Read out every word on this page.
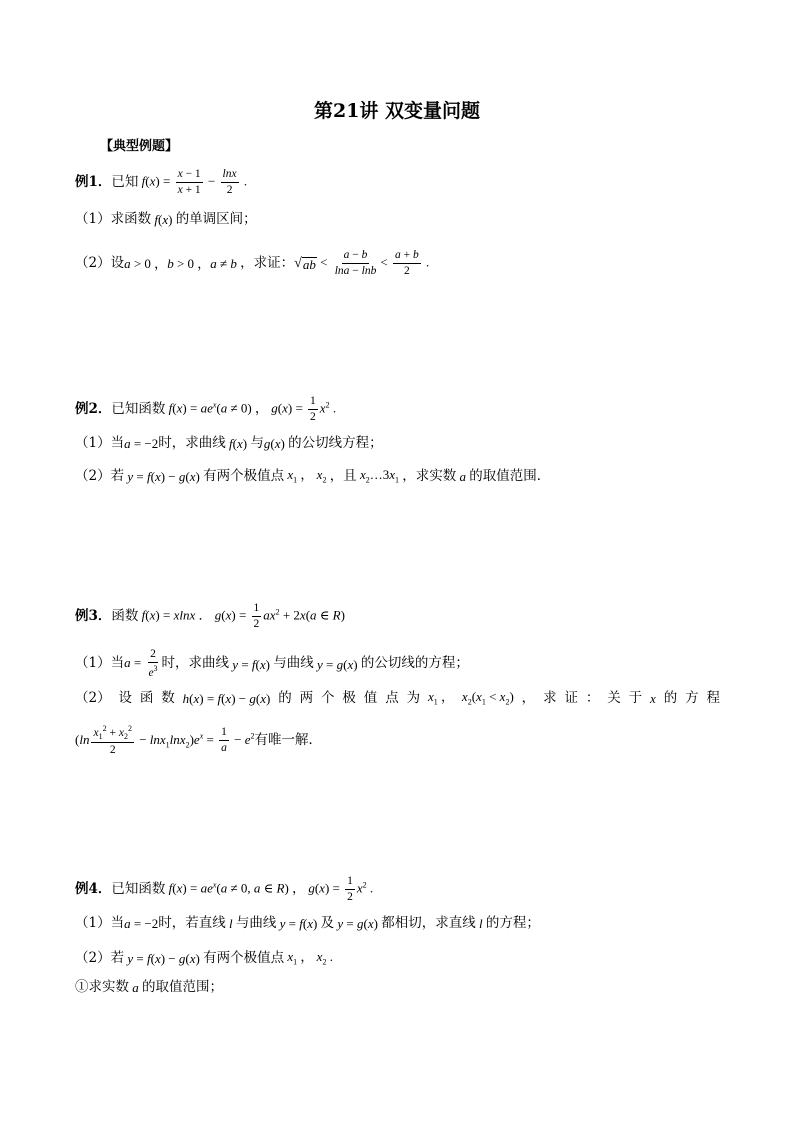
第21讲 双变量问题
【典型例题】
例1． 已知 $f(x) = \frac{x - 1}{x + 1} - \frac{\ln x}{2}$ .
（1）求函数 f(x) 的单调区间；
（2）设 a > 0 ，b > 0 ，a ≠ b ，求证： √ ab < $\frac{a - b}{\ln a - \ln b} < \frac{a + b}{2}$ .
例2． 已知函数 $f(x) = ae^x(a \ne 0)$ ， $g(x) = \frac{1}{2} x^2$ .
（1）当 a = −2 时，求曲线 f(x) 与 g(x) 的公切线方程；
（2）若 y = f(x) − g(x) 有两个极值点 $x_1$ ， $x_2$ ，且 $x_2\dots 3x_1$ ，求实数 a 的取值范围．
例3． 函数 f(x) = xlnx ． $g(x) = \frac{1}{2} ax^2 + 2x(a$ ∈ R)
（1）当 $a = \frac{2}{e^3}$ 时，求曲线 y = f(x) 与曲线 y = g(x) 的公切线的方程；
（2） 设 函 数 h(x) = f(x) − g(x) 的 两 个 极 值 点 为 $x_1$ ， $x_2(x_1 < x_2)$ ， 求 证 ： 关 于 x 的 方 程
$(\ln \frac{x_1^2 + x_2^2}{2} - \ln x_1\ln x_2)e^x = \frac{1}{a} - e^2$ 有唯一解．
例4． 已知函数 $f(x) = ae^x(a \ne 0$, a ∈ R) ， $g(x) = \frac{1}{2} x^2$ .
（1）当 a = −2 时，若直线 l 与曲线 y = f(x) 及 y = g(x) 都相切，求直线 l 的方程；
（2）若 y = f(x) − g(x) 有两个极值点 $x_1$ ， $x_2$ .
①求实数 a 的取值范围；
